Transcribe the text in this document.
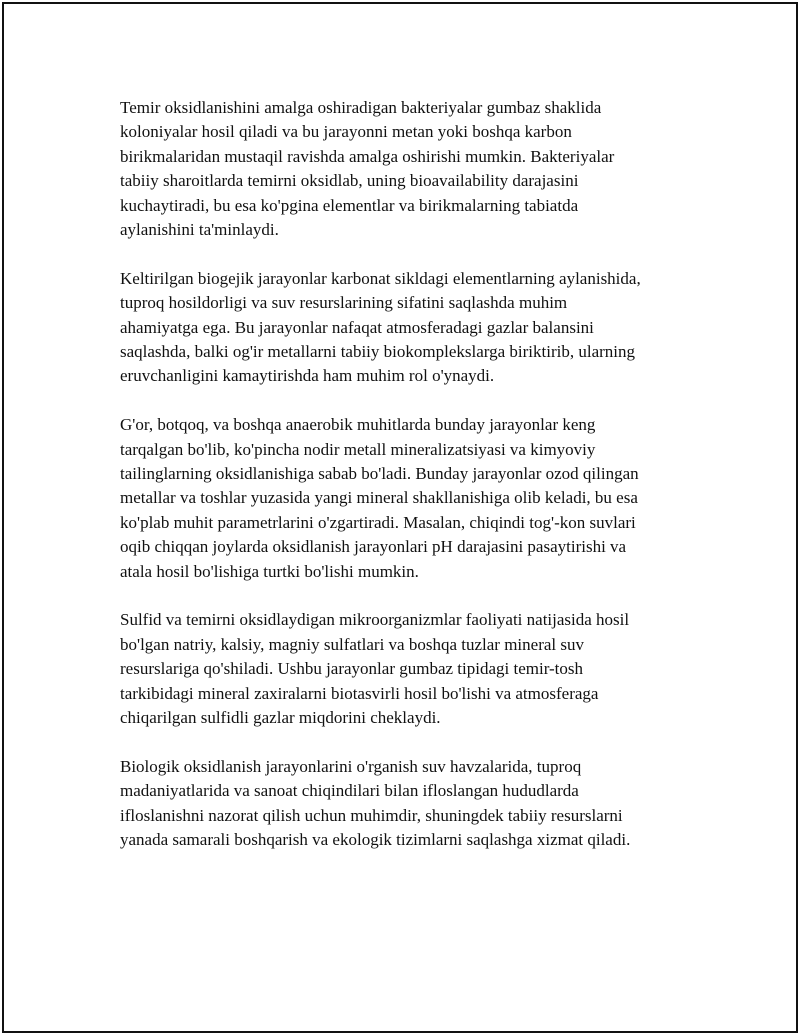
Temir oksidlanishini amalga oshiradigan bakteriyalar gumbaz shaklida
koloniyalar hosil qiladi va bu jarayonni metan yoki boshqa karbon
birikmalaridan mustaqil ravishda amalga oshirishi mumkin. Bakteriyalar
tabiiy sharoitlarda temirni oksidlab, uning bioavailability darajasini
kuchaytiradi, bu esa ko'pgina elementlar va birikmalarning tabiatda
aylanishini ta'minlaydi.

Keltirilgan biogejik jarayonlar karbonat sikldagi elementlarning aylanishida,
tuproq hosildorligi va suv resurslarining sifatini saqlashda muhim
ahamiyatga ega. Bu jarayonlar nafaqat atmosferadagi gazlar balansini
saqlashda, balki og'ir metallarni tabiiy biokomplekslarga biriktirib, ularning
eruvchanligini kamaytirishda ham muhim rol o'ynaydi.

G'or, botqoq, va boshqa anaerobik muhitlarda bunday jarayonlar keng
tarqalgan bo'lib, ko'pincha nodir metall mineralizatsiyasi va kimyoviy
tailinglarning oksidlanishiga sabab bo'ladi. Bunday jarayonlar ozod qilingan
metallar va toshlar yuzasida yangi mineral shakllanishiga olib keladi, bu esa
ko'plab muhit parametrlarini o'zgartiradi. Masalan, chiqindi tog'-kon suvlari
oqib chiqqan joylarda oksidlanish jarayonlari pH darajasini pasaytirishi va
atala hosil bo'lishiga turtki bo'lishi mumkin.

Sulfid va temirni oksidlaydigan mikroorganizmlar faoliyati natijasida hosil
bo'lgan natriy, kalsiy, magniy sulfatlari va boshqa tuzlar mineral suv
resurslariga qo'shiladi. Ushbu jarayonlar gumbaz tipidagi temir-tosh
tarkibidagi mineral zaxiralarni biotasvirli hosil bo'lishi va atmosferaga
chiqarilgan sulfidli gazlar miqdorini cheklaydi.

Biologik oksidlanish jarayonlarini o'rganish suv havzalarida, tuproq
madaniyatlarida va sanoat chiqindilari bilan ifloslangan hududlarda
ifloslanishni nazorat qilish uchun muhimdir, shuningdek tabiiy resurslarni
yanada samarali boshqarish va ekologik tizimlarni saqlashga xizmat qiladi.
